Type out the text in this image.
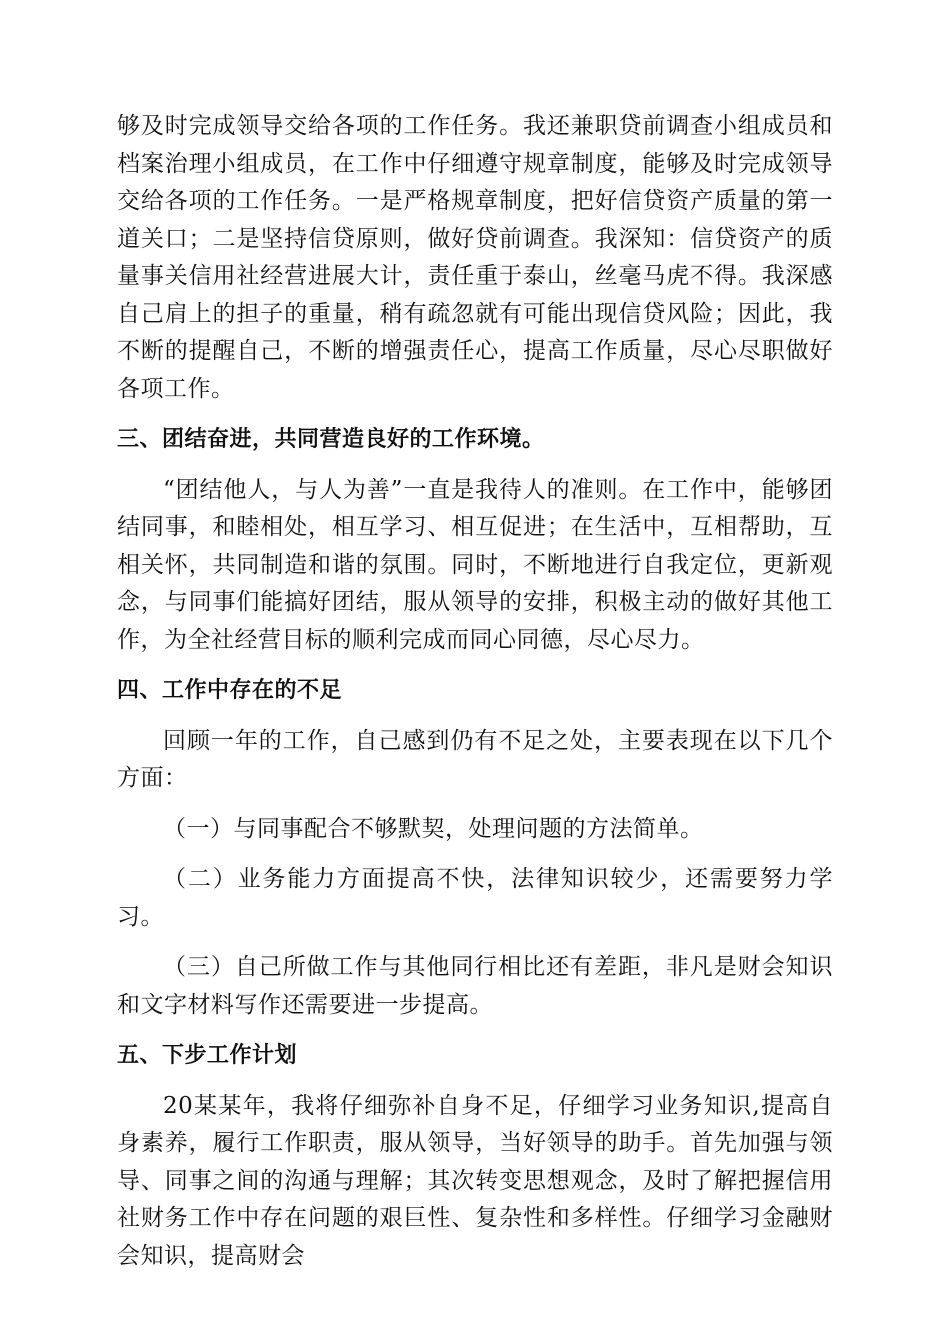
够及时完成领导交给各项的工作任务。我还兼职贷前调查小组成员和档案治理小组成员，在工作中仔细遵守规章制度，能够及时完成领导交给各项的工作任务。一是严格规章制度，把好信贷资产质量的第一道关口；二是坚持信贷原则，做好贷前调查。我深知：信贷资产的质量事关信用社经营进展大计，责任重于泰山，丝毫马虎不得。我深感自己肩上的担子的重量，稍有疏忽就有可能出现信贷风险；因此，我不断的提醒自己，不断的增强责任心，提高工作质量，尽心尽职做好各项工作。

三、团结奋进，共同营造良好的工作环境。

“团结他人，与人为善”一直是我待人的准则。在工作中，能够团结同事，和睦相处，相互学习、相互促进；在生活中，互相帮助，互相关怀，共同制造和谐的氛围。同时，不断地进行自我定位，更新观念，与同事们能搞好团结，服从领导的安排，积极主动的做好其他工作，为全社经营目标的顺利完成而同心同德，尽心尽力。

四、工作中存在的不足

回顾一年的工作，自己感到仍有不足之处，主要表现在以下几个方面：

（一）与同事配合不够默契，处理问题的方法简单。

（二）业务能力方面提高不快，法律知识较少，还需要努力学习。

（三）自己所做工作与其他同行相比还有差距，非凡是财会知识和文字材料写作还需要进一步提高。

五、下步工作计划

20某某年，我将仔细弥补自身不足，仔细学习业务知识,提高自身素养，履行工作职责，服从领导，当好领导的助手。首先加强与领导、同事之间的沟通与理解；其次转变思想观念，及时了解把握信用社财务工作中存在问题的艰巨性、复杂性和多样性。仔细学习金融财会知识，提高财会
